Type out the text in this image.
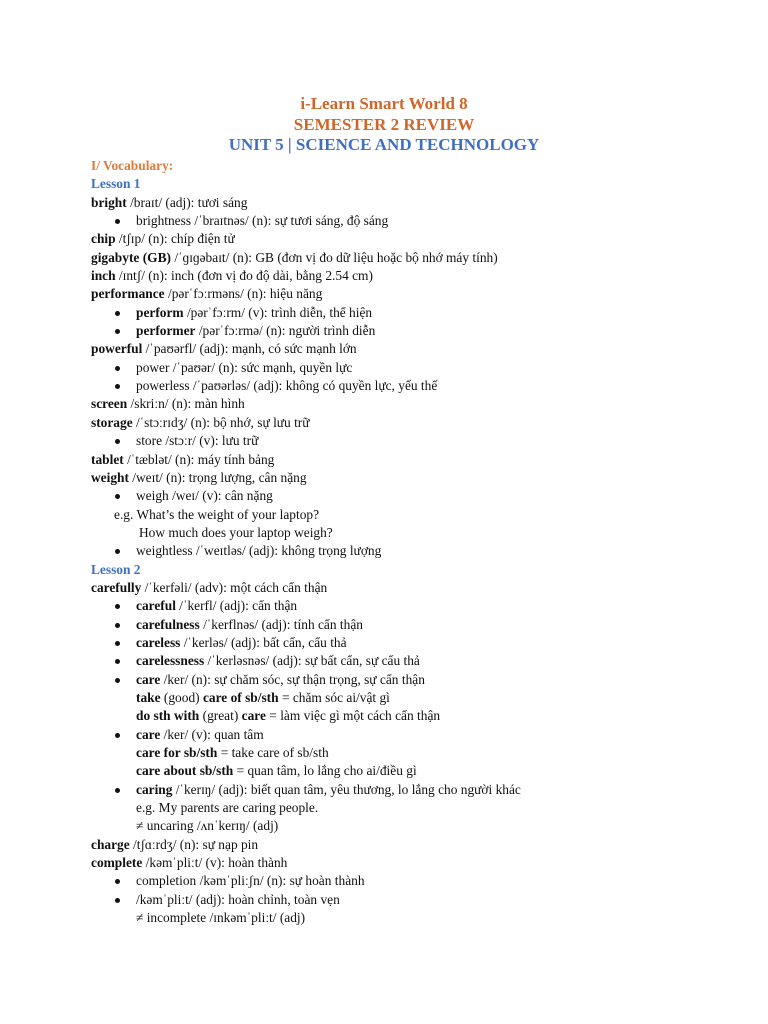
i-Learn Smart World 8
SEMESTER 2 REVIEW
UNIT 5 | SCIENCE AND TECHNOLOGY
I/ Vocabulary:
Lesson 1
bright /braɪt/ (adj): tươi sáng
brightness /ˈbraɪtnəs/ (n): sự tươi sáng, độ sáng
chip /tʃɪp/ (n): chíp điện tử
gigabyte (GB) /ˈɡɪɡəbaɪt/ (n): GB (đơn vị đo dữ liệu hoặc bộ nhớ máy tính)
inch /ɪntʃ/ (n): inch (đơn vị đo độ dài, bằng 2.54 cm)
performance /pərˈfɔːrməns/ (n): hiệu năng
perform /pərˈfɔːrm/ (v): trình diễn, thể hiện
performer /pərˈfɔːrmə/ (n): người trình diễn
powerful /ˈpaʊərfl/ (adj): mạnh, có sức mạnh lớn
power /ˈpaʊər/ (n): sức mạnh, quyền lực
powerless /ˈpaʊərləs/ (adj): không có quyền lực, yếu thế
screen /skriːn/ (n): màn hình
storage /ˈstɔːrɪdʒ/ (n): bộ nhớ, sự lưu trữ
store /stɔːr/ (v): lưu trữ
tablet /ˈtæblət/ (n): máy tính bảng
weight /weɪt/ (n): trọng lượng, cân nặng
weigh /weɪ/ (v): cân nặng
e.g. What’s the weight of your laptop?
How much does your laptop weigh?
weightless /ˈweɪtləs/ (adj): không trọng lượng
Lesson 2
carefully /ˈkerfəli/ (adv): một cách cẩn thận
careful /ˈkerfl/ (adj): cẩn thận
carefulness /ˈkerflnəs/ (adj): tính cẩn thận
careless /ˈkerləs/ (adj): bất cẩn, cẩu thả
carelessness /ˈkerləsnəs/ (adj): sự bất cẩn, sự cẩu thả
care /ker/ (n): sự chăm sóc, sự thận trọng, sự cẩn thận
take (good) care of sb/sth = chăm sóc ai/vật gì
do sth with (great) care = làm việc gì một cách cẩn thận
care /ker/ (v): quan tâm
care for sb/sth = take care of sb/sth
care about sb/sth = quan tâm, lo lắng cho ai/điều gì
caring /ˈkerɪŋ/ (adj): biết quan tâm, yêu thương, lo lắng cho người khác
e.g. My parents are caring people.
≠ uncaring /ʌnˈkerɪŋ/ (adj)
charge /tʃɑːrdʒ/ (n): sự nạp pin
complete /kəmˈpliːt/ (v): hoàn thành
completion /kəmˈpliːʃn/ (n): sự hoàn thành
/kəmˈpliːt/ (adj): hoàn chỉnh, toàn vẹn
≠ incomplete /ɪnkəmˈpliːt/ (adj)
